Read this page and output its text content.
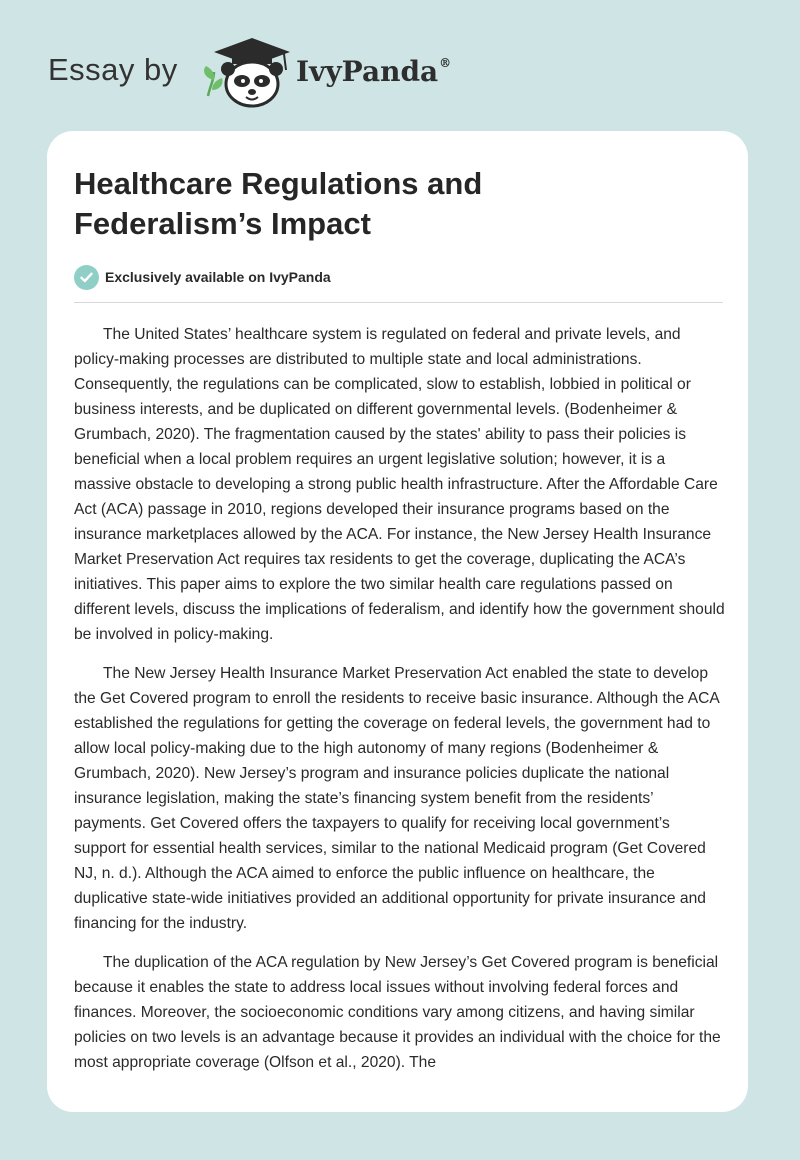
Essay by	IvyPanda®
Healthcare Regulations and Federalism’s Impact
Exclusively available on IvyPanda

The United States’ healthcare system is regulated on federal and private levels, and policy-making processes are distributed to multiple state and local administrations. Consequently, the regulations can be complicated, slow to establish, lobbied in political or business interests, and be duplicated on different governmental levels. (Bodenheimer & Grumbach, 2020). The fragmentation caused by the states' ability to pass their policies is beneficial when a local problem requires an urgent legislative solution; however, it is a massive obstacle to developing a strong public health infrastructure. After the Affordable Care Act (ACA) passage in 2010, regions developed their insurance programs based on the insurance marketplaces allowed by the ACA. For instance, the New Jersey Health Insurance Market Preservation Act requires tax residents to get the coverage, duplicating the ACA’s initiatives. This paper aims to explore the two similar health care regulations passed on different levels, discuss the implications of federalism, and identify how the government should be involved in policy-making.

The New Jersey Health Insurance Market Preservation Act enabled the state to develop the Get Covered program to enroll the residents to receive basic insurance. Although the ACA established the regulations for getting the coverage on federal levels, the government had to allow local policy-making due to the high autonomy of many regions (Bodenheimer & Grumbach, 2020). New Jersey’s program and insurance policies duplicate the national insurance legislation, making the state’s financing system benefit from the residents’ payments. Get Covered offers the taxpayers to qualify for receiving local government’s support for essential health services, similar to the national Medicaid program (Get Covered NJ, n. d.). Although the ACA aimed to enforce the public influence on healthcare, the duplicative state-wide initiatives provided an additional opportunity for private insurance and financing for the industry.

The duplication of the ACA regulation by New Jersey’s Get Covered program is beneficial because it enables the state to address local issues without involving federal forces and finances. Moreover, the socioeconomic conditions vary among citizens, and having similar policies on two levels is an advantage because it provides an individual with the choice for the most appropriate coverage (Olfson et al., 2020). The
